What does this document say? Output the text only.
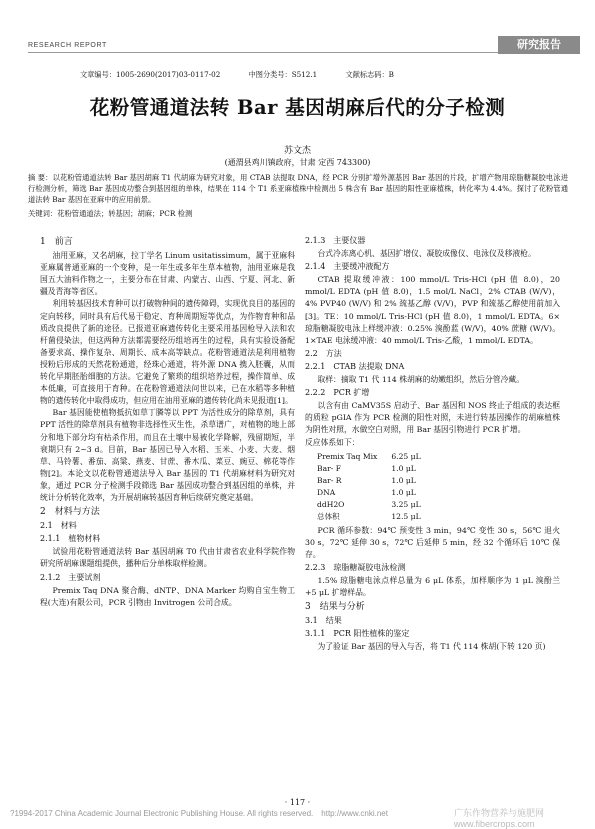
RESEARCH REPORT	研究报告
文章编号：1005-2690(2017)03-0117-02	中图分类号：S512.1	文献标志码：B
花粉管通道法转 Bar 基因胡麻后代的分子检测
苏文杰
(通渭县鸡川镇政府，甘肃 定西 743300)
摘 要：以花粉管通道法转 Bar 基因胡麻 T1 代胡麻为研究对象，用 CTAB 法提取 DNA，经 PCR 分别扩增外源基因 Bar 基因的片段，扩增产物用琼脂糖凝胶电泳进行检测分析，筛选 Bar 基因成功整合到基因组的单株，结果在 114 个 T1 系亚麻植株中检测出 5 株含有 Bar 基因的阳性亚麻植株，转化率为 4.4%。探讨了花粉管通道法转 Bar 基因在亚麻中的应用前景。
关键词：花粉管通道法；转基因；胡麻；PCR 检测
1　前言
油用亚麻，又名胡麻，拉丁学名 Linum usitatissimum，属于亚麻科亚麻属普通亚麻的一个变种，是一年生或多年生草本植物，油用亚麻是我国五大油料作物之一，主要分布在甘肃、内蒙古、山西、宁夏、河北、新疆及青海等省区。
利用转基因技术育种可以打破物种间的遗传障碍，实现优良目的基因的定向转移，同时具有后代易于稳定、育种周期短等优点，为作物育种和品质改良提供了新的途径。已报道亚麻遗传转化主要采用基因枪导入法和农杆菌侵染法，但这两种方法都需要经历组培再生的过程，具有实验设备配备要求高、操作复杂、周期长、成本高等缺点。花粉管通道法是利用植物授粉后形成的天然花粉通道，经珠心通道，将外源 DNA 携入胚囊，从而转化早期胚胎细胞的方法。它避免了繁琐的组织培养过程，操作简单、成本低廉，可直接用于育种。在花粉管通道法问世以来，已在水稻等多种植物的遗传转化中取得成功，但应用在油用亚麻的遗传转化尚未见报道[1]。
Bar 基因能使植物抵抗如草丁膦等以 PPT 为活性成分的除草剂，具有 PPT 活性的除草剂具有植物非选择性灭生性，杀草谱广，对植物的地上部分和地下部分均有枯杀作用，而且在土壤中易被化学降解，残留期短，半衰期只有 2~3 d。目前，Bar 基因已导入水稻、玉米、小麦、大麦、烟草、马铃薯、番茄、高粱、燕麦、甘蔗、番木瓜、菜豆、豌豆、棉花等作物[2]。本论文以花粉管通道法导入 Bar 基因的 T1 代胡麻材料为研究对象，通过 PCR 分子检测手段筛选 Bar 基因成功整合到基因组的单株，并统计分析转化效率，为开展胡麻转基因育种后续研究奠定基础。
2　材料与方法
2.1　材料
2.1.1　植物材料
试验用花粉管通道法转 Bar 基因胡麻 T0 代由甘肃省农业科学院作物研究所胡麻课题组提供，播种后分单株取样检测。
2.1.2　主要试剂
Premix Taq DNA 聚合酶、dNTP、DNA Marker 均购自宝生物工程(大连)有限公司，PCR 引物由 Invitrogen 公司合成。
2.1.3　主要仪器
台式冷冻离心机、基因扩增仪、凝胶成像仪、电泳仪及移液枪。
2.1.4　主要缓冲液配方
CTAB 提取缓冲液：100 mmol/L Tris-HCl (pH 值 8.0)，20 mmol/L EDTA (pH 值 8.0)，1.5 mol/L NaCl，2% CTAB (W/V)，4% PVP40 (W/V) 和 2% 巯基乙醇 (V/V)，PVP 和巯基乙醇使用前加入[3]。TE：10 mmol/L Tris-HCl (pH 值 8.0)，1 mmol/L EDTA。6×琼脂糖凝胶电泳上样缓冲液：0.25% 溴酚蓝 (W/V)，40% 蔗糖 (W/V)。1×TAE 电泳缓冲液：40 mmol/L Tris-乙酸，1 mmol/L EDTA。
2.2　方法
2.2.1　CTAB 法提取 DNA
取样：摘取 T1 代 114 株胡麻的幼嫩组织，然后分管冷藏。
2.2.2　PCR 扩增
以含有由 CaMV35S 启动子、Bar 基因和 NOS 终止子组成的表达框的质粒 pGIA 作为 PCR 检测的阳性对照，未进行转基因操作的胡麻植株为阴性对照，水做空白对照，用 Bar 基因引物进行 PCR 扩增。
反应体系如下：
Premix Taq Mix	6.25 μL
Bar- F	1.0 μL
Bar- R	1.0 μL
DNA	1.0 μL
ddH2O	3.25 μL
总体积	12.5 μL
PCR 循环参数：94℃ 预变性 3 min，94℃ 变性 30 s，56℃ 退火 30 s，72℃ 延伸 30 s，72℃ 后延伸 5 min，经 32 个循环后 10℃ 保存。
2.2.3　琼脂糖凝胶电泳检测
1.5% 琼脂糖电泳点样总量为 6 μL 体系，加样顺序为 1 μL 溴酚兰 +5 μL 扩增样品。
3　结果与分析
3.1　结果
3.1.1　PCR 阳性植株的鉴定
为了验证 Bar 基因的导入与否，将 T1 代 114 株胡(下转 120 页)
· 117 ·
?1994-2017 China Academic Journal Electronic Publishing House. All rights reserved.　http://www.cnki.net	广东作物营养与施肥网 www.fibercrops.com
